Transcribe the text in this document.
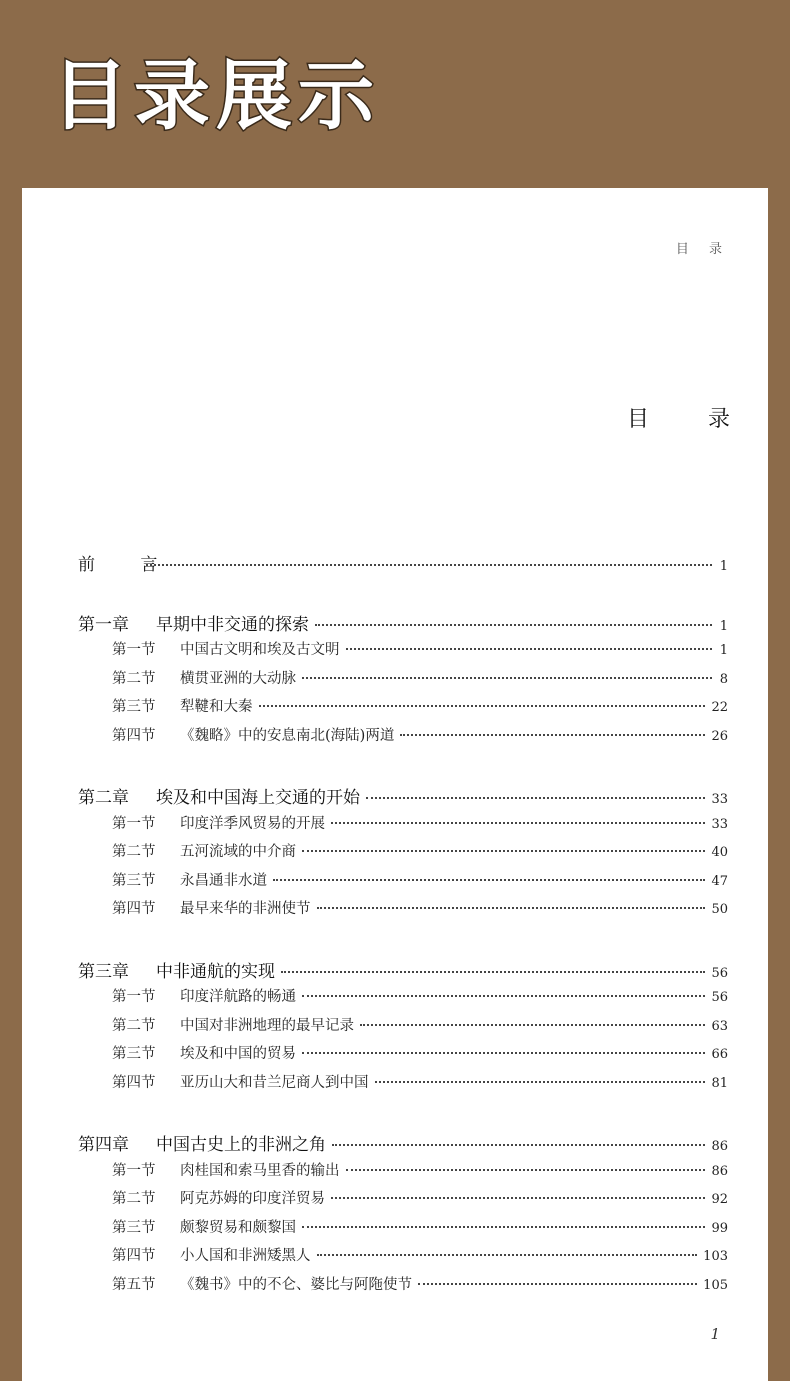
目录展示
目 录
目 录
前 言	1
第一章	早期中非交通的探索	1
第一节	中国古文明和埃及古文明	1
第二节	横贯亚洲的大动脉	8
第三节	犁鞬和大秦	22
第四节	《魏略》中的安息南北(海陆)两道	26
第二章	埃及和中国海上交通的开始	33
第一节	印度洋季风贸易的开展	33
第二节	五河流域的中介商	40
第三节	永昌通非水道	47
第四节	最早来华的非洲使节	50
第三章	中非通航的实现	56
第一节	印度洋航路的畅通	56
第二节	中国对非洲地理的最早记录	63
第三节	埃及和中国的贸易	66
第四节	亚历山大和昔兰尼商人到中国	81
第四章	中国古史上的非洲之角	86
第一节	肉桂国和索马里香的输出	86
第二节	阿克苏姆的印度洋贸易	92
第三节	颇黎贸易和颇黎国	99
第四节	小人国和非洲矮黑人	103
第五节	《魏书》中的不仑、婆比与阿陁使节	105
1
